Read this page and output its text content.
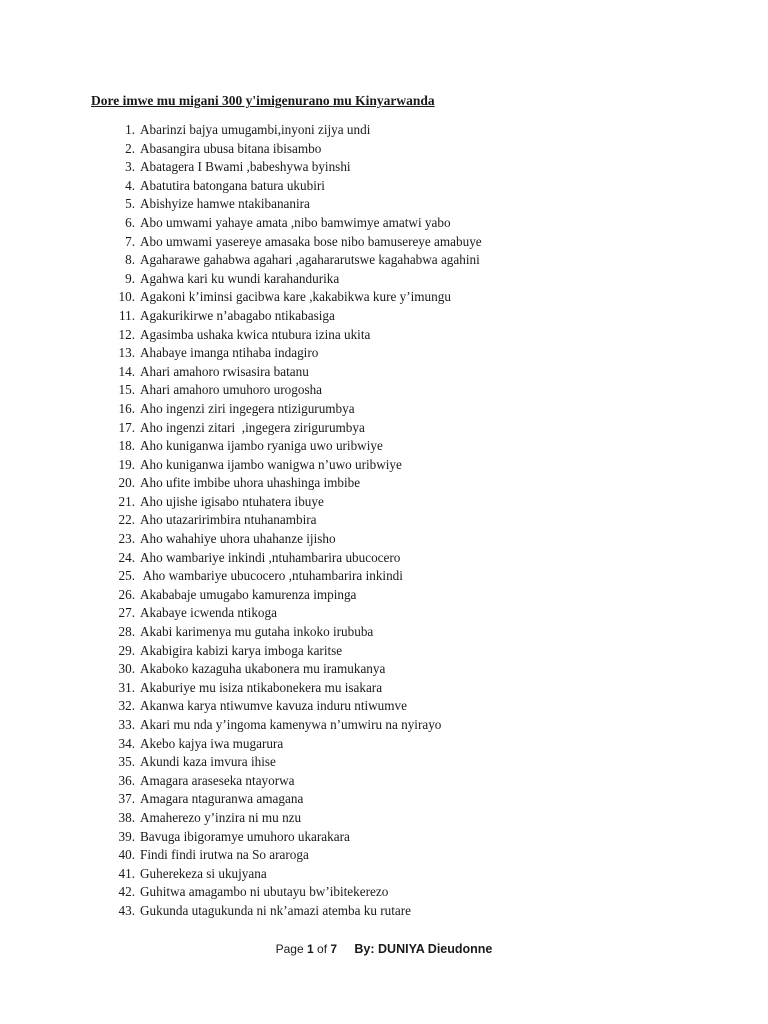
Dore imwe mu migani 300 y'imigenurano mu Kinyarwanda
1. Abarinzi bajya umugambi,inyoni zijya undi
2. Abasangira ubusa bitana ibisambo
3. Abatagera I Bwami ,babeshywa byinshi
4. Abatutira batongana batura ukubiri
5. Abishyize hamwe ntakibananira
6. Abo umwami yahaye amata ,nibo bamwimye amatwi yabo
7. Abo umwami yasereye amasaka bose nibo bamusereye amabuye
8. Agaharawe gahabwa agahari ,agahararutswe kagahabwa agahini
9. Agahwa kari ku wundi karahandurika
10. Agakoni k’iminsi gacibwa kare ,kakabikwa kure y’imungu
11. Agakurikirwe n’abagabo ntikabasiga
12. Agasimba ushaka kwica ntubura izina ukita
13. Ahabaye imanga ntihaba indagiro
14. Ahari amahoro rwisasira batanu
15. Ahari amahoro umuhoro urogosha
16. Aho ingenzi ziri ingegera ntizigurumbya
17. Aho ingenzi zitari  ,ingegera zirigurumbya
18. Aho kuniganwa ijambo ryaniga uwo uribwiye
19. Aho kuniganwa ijambo wanigwa n’uwo uribwiye
20. Aho ufite imbibe uhora uhashinga imbibe
21. Aho ujishe igisabo ntuhatera ibuye
22. Aho utazaririmbira ntuhanambira
23. Aho wahahiye uhora uhahanze ijisho
24. Aho wambariye inkindi ,ntuhambarira ubucocero
25. Aho wambariye ubucocero ,ntuhambarira inkindi
26. Akababaje umugabo kamurenza impinga
27. Akabaye icwenda ntikoga
28. Akabi karimenya mu gutaha inkoko irububa
29. Akabigira kabizi karya imboga karitse
30. Akaboko kazaguha ukabonera mu iramukanya
31. Akaburiye mu isiza ntikabonekera mu isakara
32. Akanwa karya ntiwumve kavuza induru ntiwumve
33. Akari mu nda y’ingoma kamenywa n’umwiru na nyirayo
34. Akebo kajya iwa mugarura
35. Akundi kaza imvura ihise
36. Amagara araseseka ntayorwa
37. Amagara ntaguranwa amagana
38. Amaherezo y’inzira ni mu nzu
39. Bavuga ibigoramye umuhoro ukarakara
40. Findi findi irutwa na So araroga
41. Guherekeza si ukujyana
42. Guhitwa amagambo ni ubutayu bw’ibitekerezo
43. Gukunda utagukunda ni nk’amazi atemba ku rutare
Page 1 of 7 By: DUNIYA Dieudonne
